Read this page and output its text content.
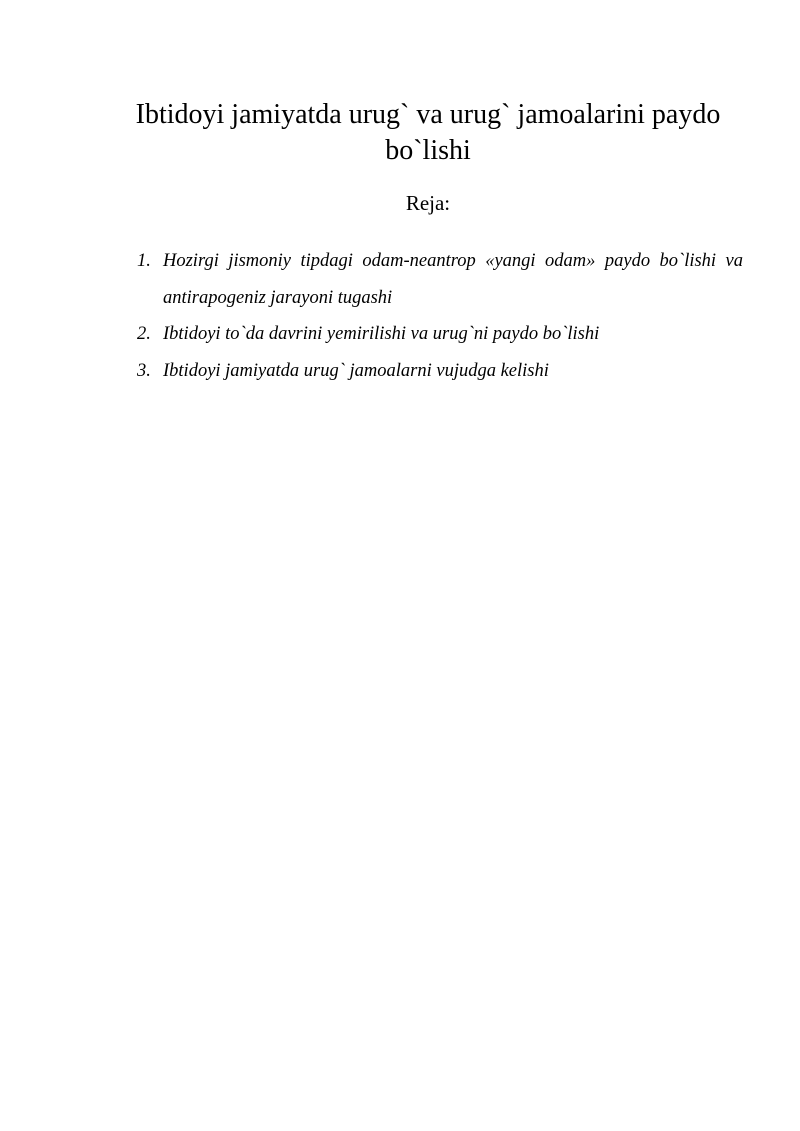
Ibtidoyi jamiyatda urug` va urug` jamoalarini paydo bo`lishi
Reja:
1. Hozirgi jismoniy tipdagi odam-neantrop «yangi odam» paydo bo`lishi va antirapogeniz jarayoni tugashi
2. Ibtidoyi to`da davrini yemirilishi va urug`ni paydo bo`lishi
3. Ibtidoyi jamiyatda urug` jamoalarni vujudga kelishi
